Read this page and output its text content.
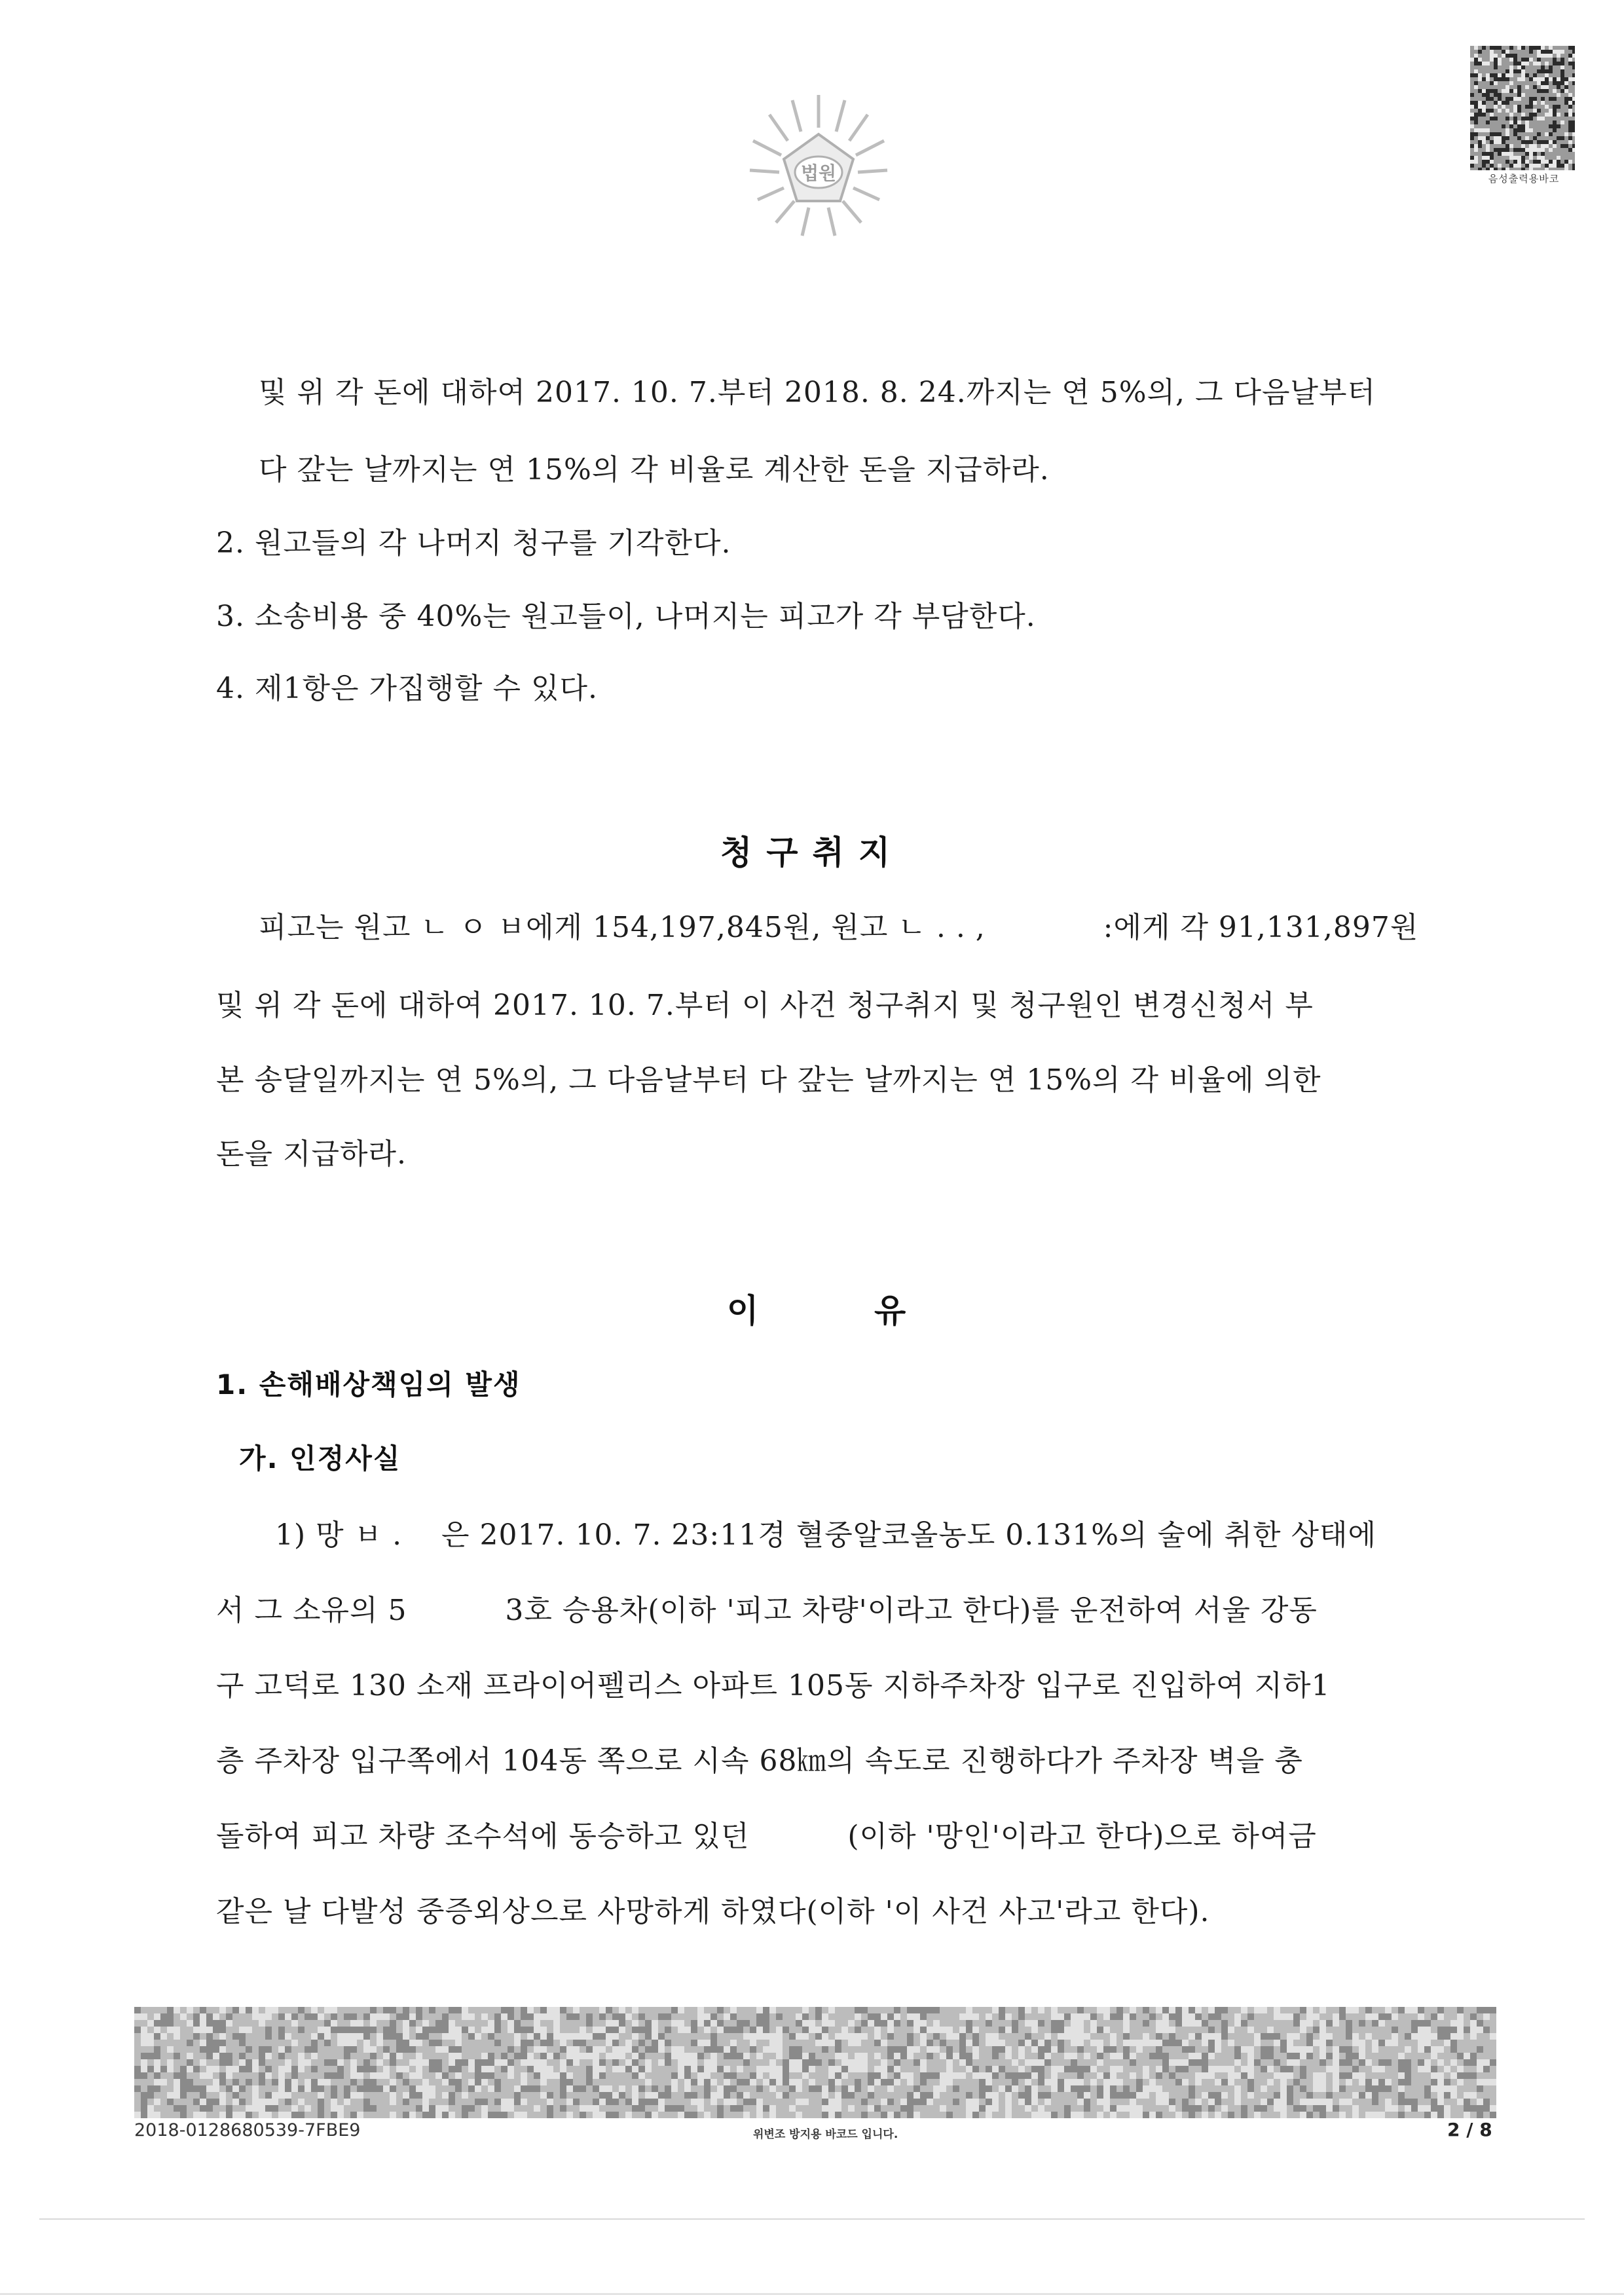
법원	음성출력용바코
및 위 각 돈에 대하여 2017. 10. 7.부터 2018. 8. 24.까지는 연 5%의, 그 다음날부터
다 갚는 날까지는 연 15%의 각 비율로 계산한 돈을 지급하라.
2. 원고들의 각 나머지 청구를 기각한다.
3. 소송비용 중 40%는 원고들이, 나머지는 피고가 각 부담한다.
4. 제1항은 가집행할 수 있다.
청구취지
피고는 원고 ㄴ ㅇ ㅂ에게 154,197,845원, 원고 ㄴ . . ,            :에게 각 91,131,897원
및 위 각 돈에 대하여 2017. 10. 7.부터 이 사건 청구취지 및 청구원인 변경신청서 부
본 송달일까지는 연 5%의, 그 다음날부터 다 갚는 날까지는 연 15%의 각 비율에 의한
돈을 지급하라.
이	유
1. 손해배상책임의 발생
가. 인정사실
1) 망 ㅂ .    은 2017. 10. 7. 23:11경 혈중알코올농도 0.131%의 술에 취한 상태에
서 그 소유의 5          3호 승용차(이하 '피고 차량'이라고 한다)를 운전하여 서울 강동
구 고덕로 130 소재 프라이어펠리스 아파트 105동 지하주차장 입구로 진입하여 지하1
층 주차장 입구쪽에서 104동 쪽으로 시속 68㎞의 속도로 진행하다가 주차장 벽을 충
돌하여 피고 차량 조수석에 동승하고 있던          (이하 '망인'이라고 한다)으로 하여금
같은 날 다발성 중증외상으로 사망하게 하였다(이하 '이 사건 사고'라고 한다).
2018-0128680539-7FBE9	위변조 방지용 바코드 입니다.	2 / 8
